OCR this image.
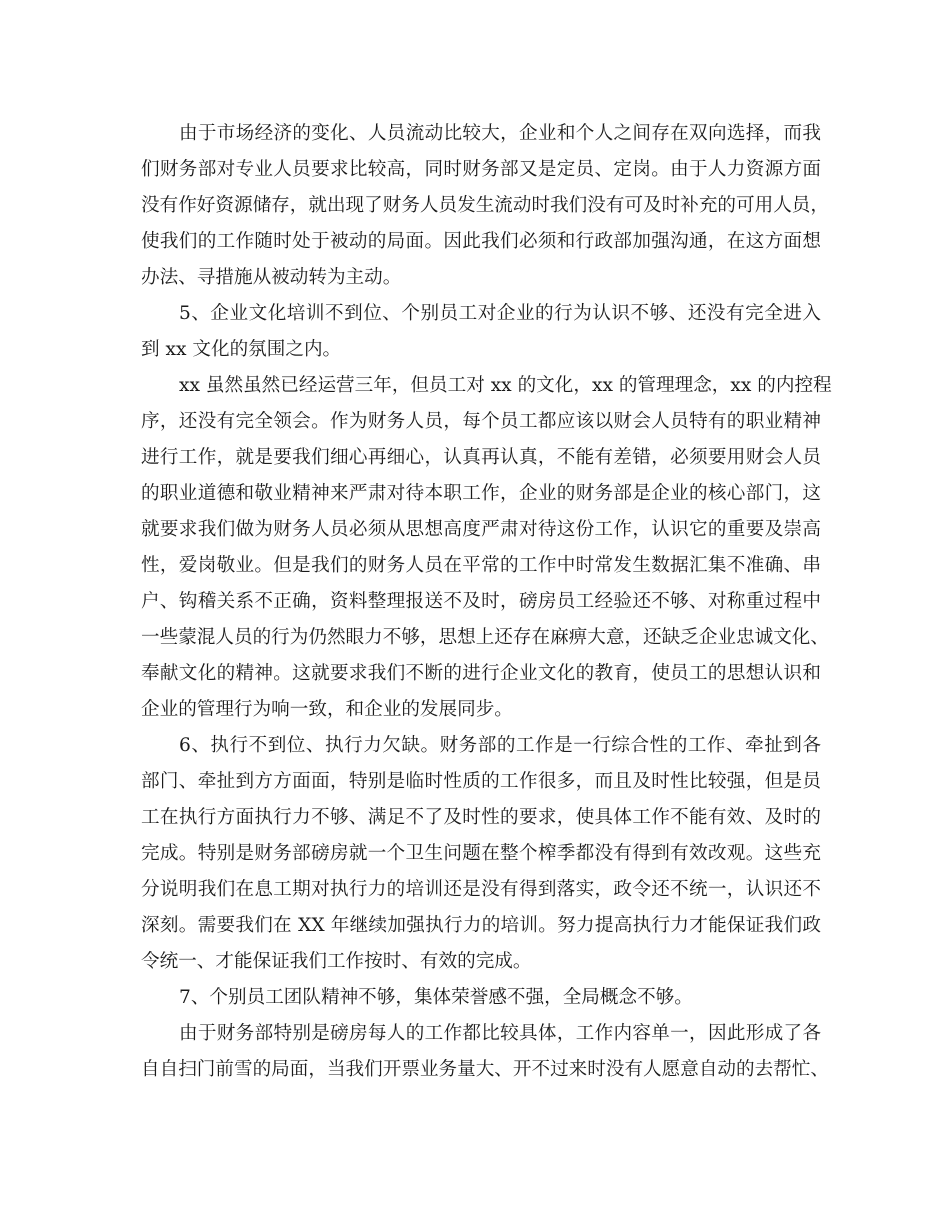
由于市场经济的变化、人员流动比较大，企业和个人之间存在双向选择，而我
们财务部对专业人员要求比较高，同时财务部又是定员、定岗。由于人力资源方面
没有作好资源储存，就出现了财务人员发生流动时我们没有可及时补充的可用人员，
使我们的工作随时处于被动的局面。因此我们必须和行政部加强沟通，在这方面想
办法、寻措施从被动转为主动。
5、企业文化培训不到位、个别员工对企业的行为认识不够、还没有完全进入
到 xx 文化的氛围之内。
xx 虽然虽然已经运营三年，但员工对 xx 的文化，xx 的管理理念，xx 的内控程
序，还没有完全领会。作为财务人员，每个员工都应该以财会人员特有的职业精神
进行工作，就是要我们细心再细心，认真再认真，不能有差错，必须要用财会人员
的职业道德和敬业精神来严肃对待本职工作，企业的财务部是企业的核心部门，这
就要求我们做为财务人员必须从思想高度严肃对待这份工作，认识它的重要及崇高
性，爱岗敬业。但是我们的财务人员在平常的工作中时常发生数据汇集不准确、串
户、钩稽关系不正确，资料整理报送不及时，磅房员工经验还不够、对称重过程中
一些蒙混人员的行为仍然眼力不够，思想上还存在麻痹大意，还缺乏企业忠诚文化、
奉献文化的精神。这就要求我们不断的进行企业文化的教育，使员工的思想认识和
企业的管理行为响一致，和企业的发展同步。
6、执行不到位、执行力欠缺。财务部的工作是一行综合性的工作、牵扯到各
部门、牵扯到方方面面，特别是临时性质的工作很多，而且及时性比较强，但是员
工在执行方面执行力不够、满足不了及时性的要求，使具体工作不能有效、及时的
完成。特别是财务部磅房就一个卫生问题在整个榨季都没有得到有效改观。这些充
分说明我们在息工期对执行力的培训还是没有得到落实，政令还不统一，认识还不
深刻。需要我们在 XX 年继续加强执行力的培训。努力提高执行力才能保证我们政
令统一、才能保证我们工作按时、有效的完成。
7、个别员工团队精神不够，集体荣誉感不强，全局概念不够。
由于财务部特别是磅房每人的工作都比较具体，工作内容单一，因此形成了各
自自扫门前雪的局面，当我们开票业务量大、开不过来时没有人愿意自动的去帮忙、
